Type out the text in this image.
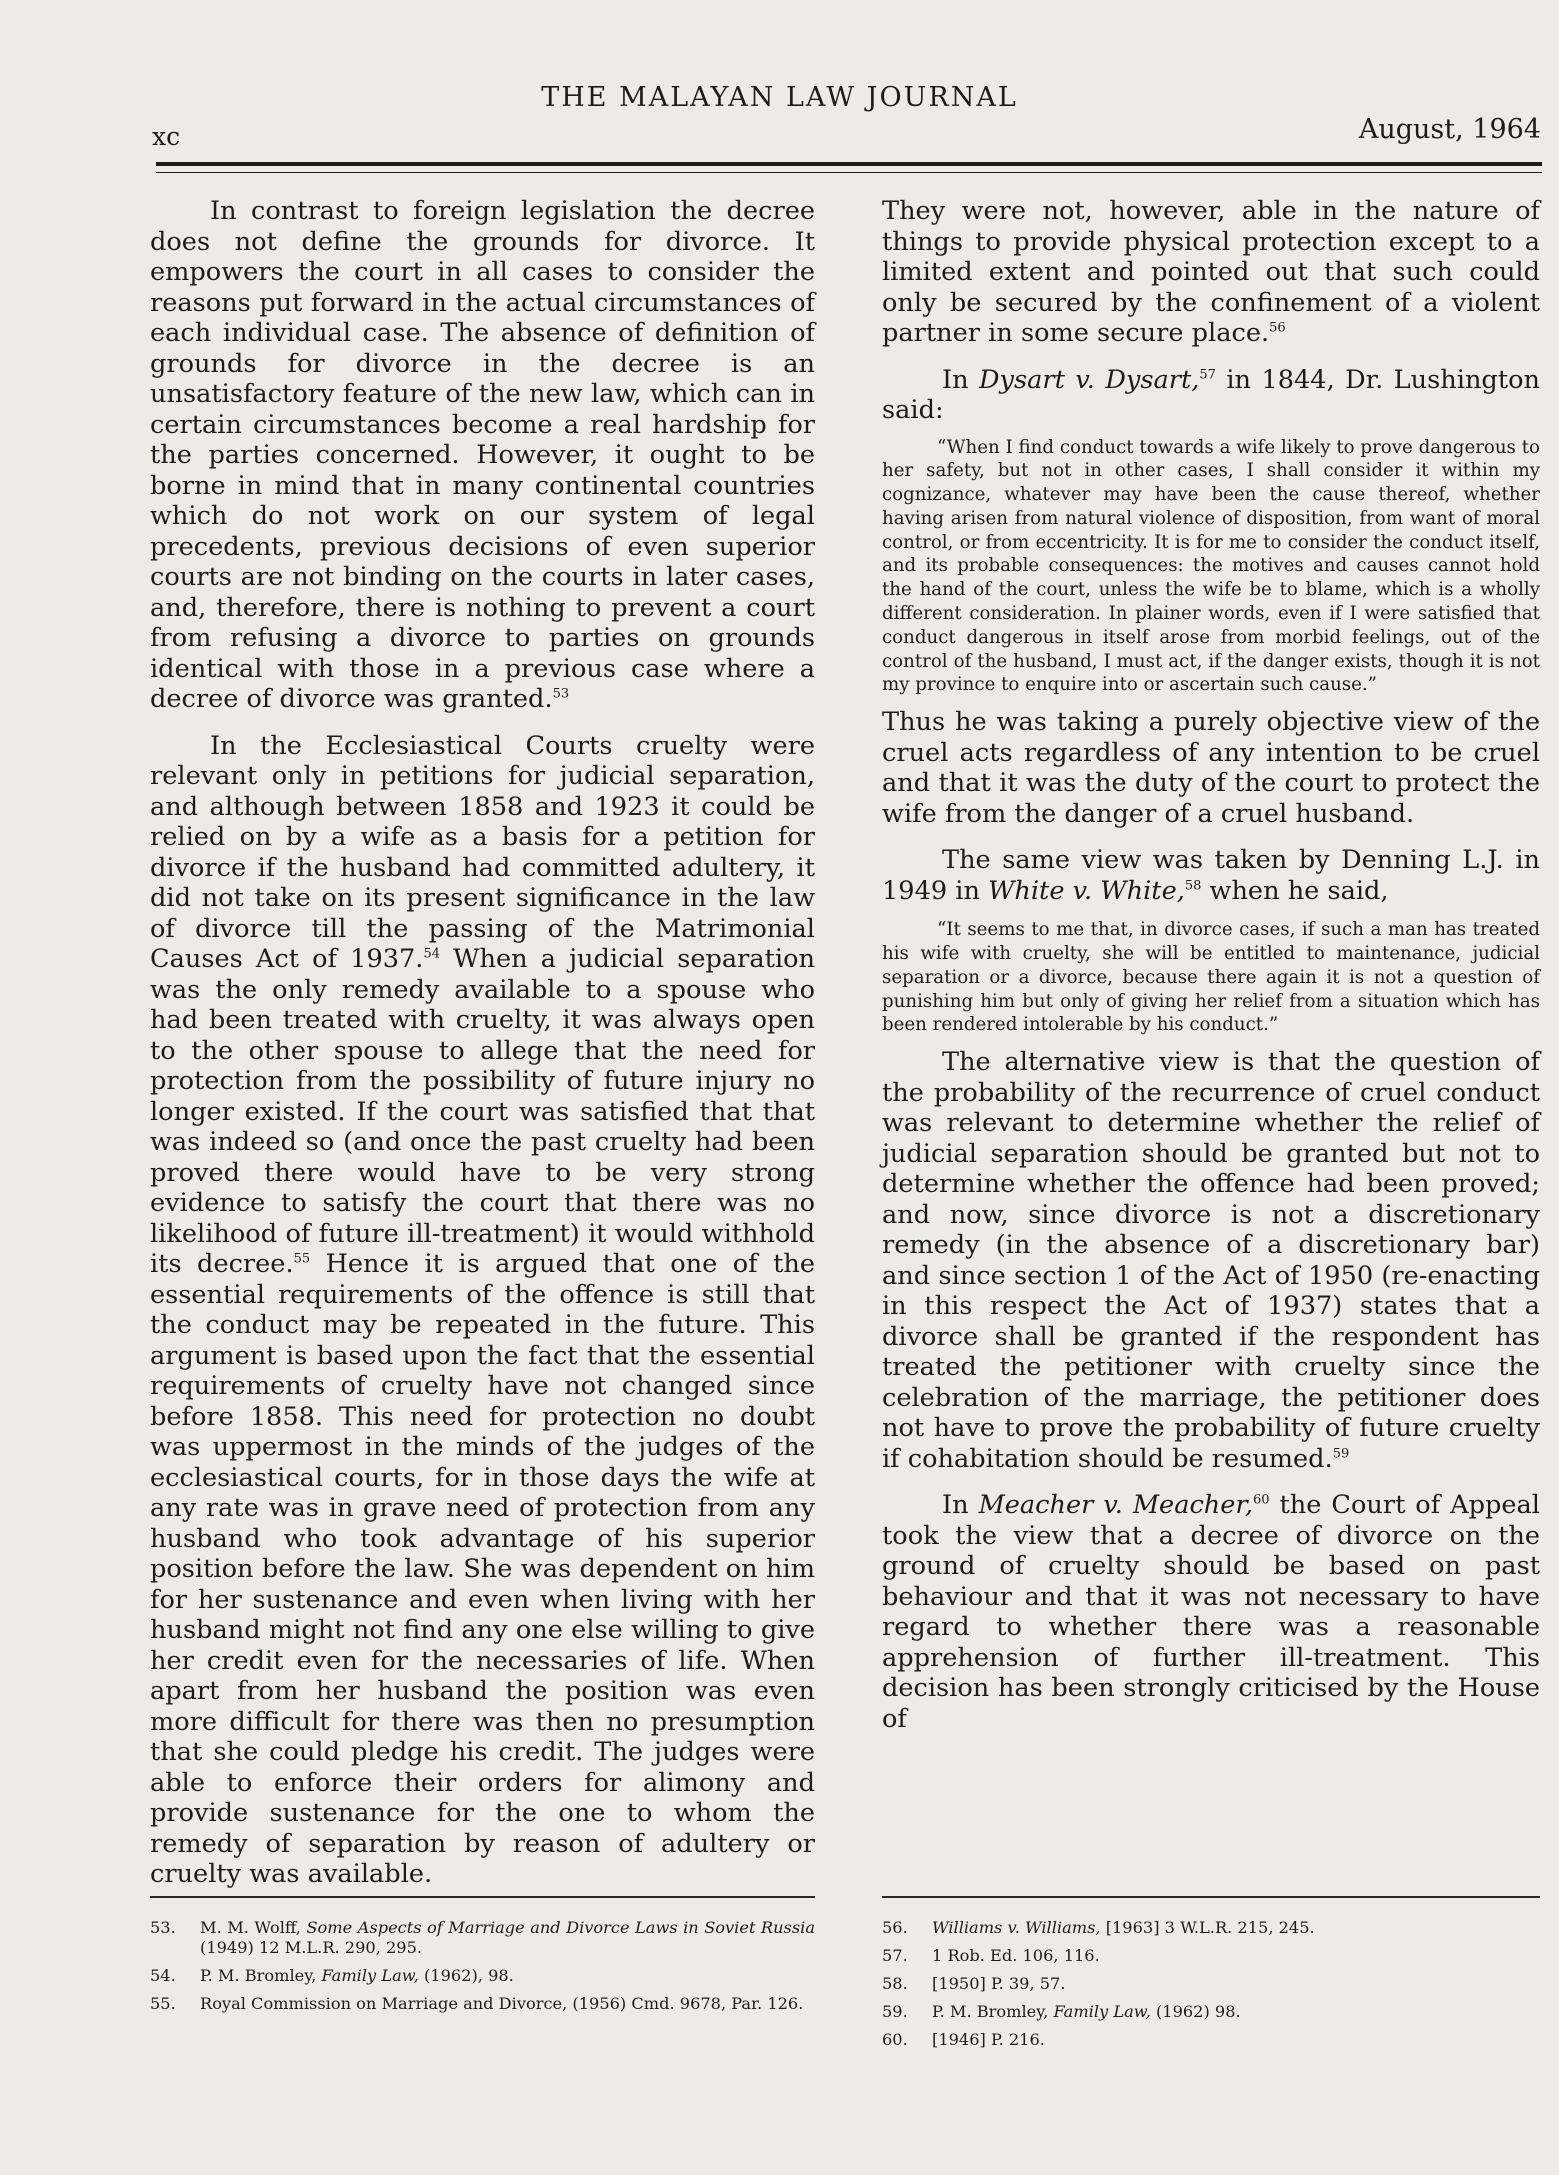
THE MALAYAN LAW JOURNAL
xc	August, 1964

In contrast to foreign legislation the decree does not define the grounds for divorce. It empowers the court in all cases to consider the reasons put forward in the actual circumstances of each individual case. The absence of definition of grounds for divorce in the decree is an unsatisfactory feature of the new law, which can in certain circumstances become a real hardship for the parties concerned. However, it ought to be borne in mind that in many continental countries which do not work on our system of legal precedents, previous decisions of even superior courts are not binding on the courts in later cases, and, therefore, there is nothing to prevent a court from refusing a divorce to parties on grounds identical with those in a previous case where a decree of divorce was granted.$^{53}$

In the Ecclesiastical Courts cruelty were relevant only in petitions for judicial separation, and although between 1858 and 1923 it could be relied on by a wife as a basis for a petition for divorce if the husband had committed adultery, it did not take on its present significance in the law of divorce till the passing of the Matrimonial Causes Act of 1937.54 When a judicial separation was the only remedy available to a spouse who had been treated with cruelty, it was always open to the other spouse to allege that the need for protection from the possibility of future injury no longer existed. If the court was satisfied that that was indeed so (and once the past cruelty had been proved there would have to be very strong evidence to satisfy the court that there was no likelihood of future ill-treatment) it would withhold its decree.$^{55}$ Hence it is argued that one of the essential requirements of the offence is still that the conduct may be repeated in the future. This argument is based upon the fact that the essential requirements of cruelty have not changed since before 1858. This need for protection no doubt was uppermost in the minds of the judges of the ecclesiastical courts, for in those days the wife at any rate was in grave need of protection from any husband who took advantage of his superior position before the law. She was dependent on him for her sustenance and even when living with her husband might not find any one else willing to give her credit even for the necessaries of life. When apart from her husband the position was even more difficult for there was then no presumption that she could pledge his credit. The judges were able to enforce their orders for alimony and provide sustenance for the one to whom the remedy of separation by reason of adultery or cruelty was available.

They were not, however, able in the nature of things to provide physical protection except to a limited extent and pointed out that such could only be secured by the confinement of a violent partner in some secure place.$^{56}$

In Dysart v. Dysart,$^{57}$ in 1844, Dr. Lushington said:

“When I find conduct towards a wife likely to prove dangerous to her safety, but not in other cases, I shall consider it within my cognizance, whatever may have been the cause thereof, whether having arisen from natural violence of disposition, from want of moral control, or from eccentricity. It is for me to consider the conduct itself, and its probable consequences: the motives and causes cannot hold the hand of the court, unless the wife be to blame, which is a wholly different consideration. In plainer words, even if I were satisfied that conduct dangerous in itself arose from morbid feelings, out of the control of the husband, I must act, if the danger exists, though it is not my province to enquire into or ascertain such cause.”

Thus he was taking a purely objective view of the cruel acts regardless of any intention to be cruel and that it was the duty of the court to protect the wife from the danger of a cruel husband.

The same view was taken by Denning L.J. in 1949 in White v. White,$^{58}$ when he said,

“It seems to me that, in divorce cases, if such a man has treated his wife with cruelty, she will be entitled to maintenance, judicial separation or a divorce, because there again it is not a question of punishing him but only of giving her relief from a situation which has been rendered intolerable by his conduct.”

The alternative view is that the question of the probability of the recurrence of cruel conduct was relevant to determine whether the relief of judicial separation should be granted but not to determine whether the offence had been proved; and now, since divorce is not a discretionary remedy (in the absence of a discretionary bar) and since section 1 of the Act of 1950 (re-enacting in this respect the Act of 1937) states that a divorce shall be granted if the respondent has treated the petitioner with cruelty since the celebration of the marriage, the petitioner does not have to prove the probability of future cruelty if cohabitation should be resumed.$^{59}$

In Meacher v. Meacher,$^{60}$ the Court of Appeal took the view that a decree of divorce on the ground of cruelty should be based on past behaviour and that it was not necessary to have regard to whether there was a reasonable apprehension of further ill-treatment. This decision has been strongly criticised by the House of

53.	M. M. Wolff, Some Aspects of Marriage and Divorce Laws in Soviet Russia (1949) 12 M.L.R. 290, 295.
54.	P. M. Bromley, Family Law, (1962), 98.
55.	Royal Commission on Marriage and Divorce, (1956) Cmd. 9678, Par. 126.
56.	Williams v. Williams, [1963] 3 W.L.R. 215, 245.
57.	1 Rob. Ed. 106, 116.
58.	[1950] P. 39, 57.
59.	P. M. Bromley, Family Law, (1962) 98.
60.	[1946] P. 216.
